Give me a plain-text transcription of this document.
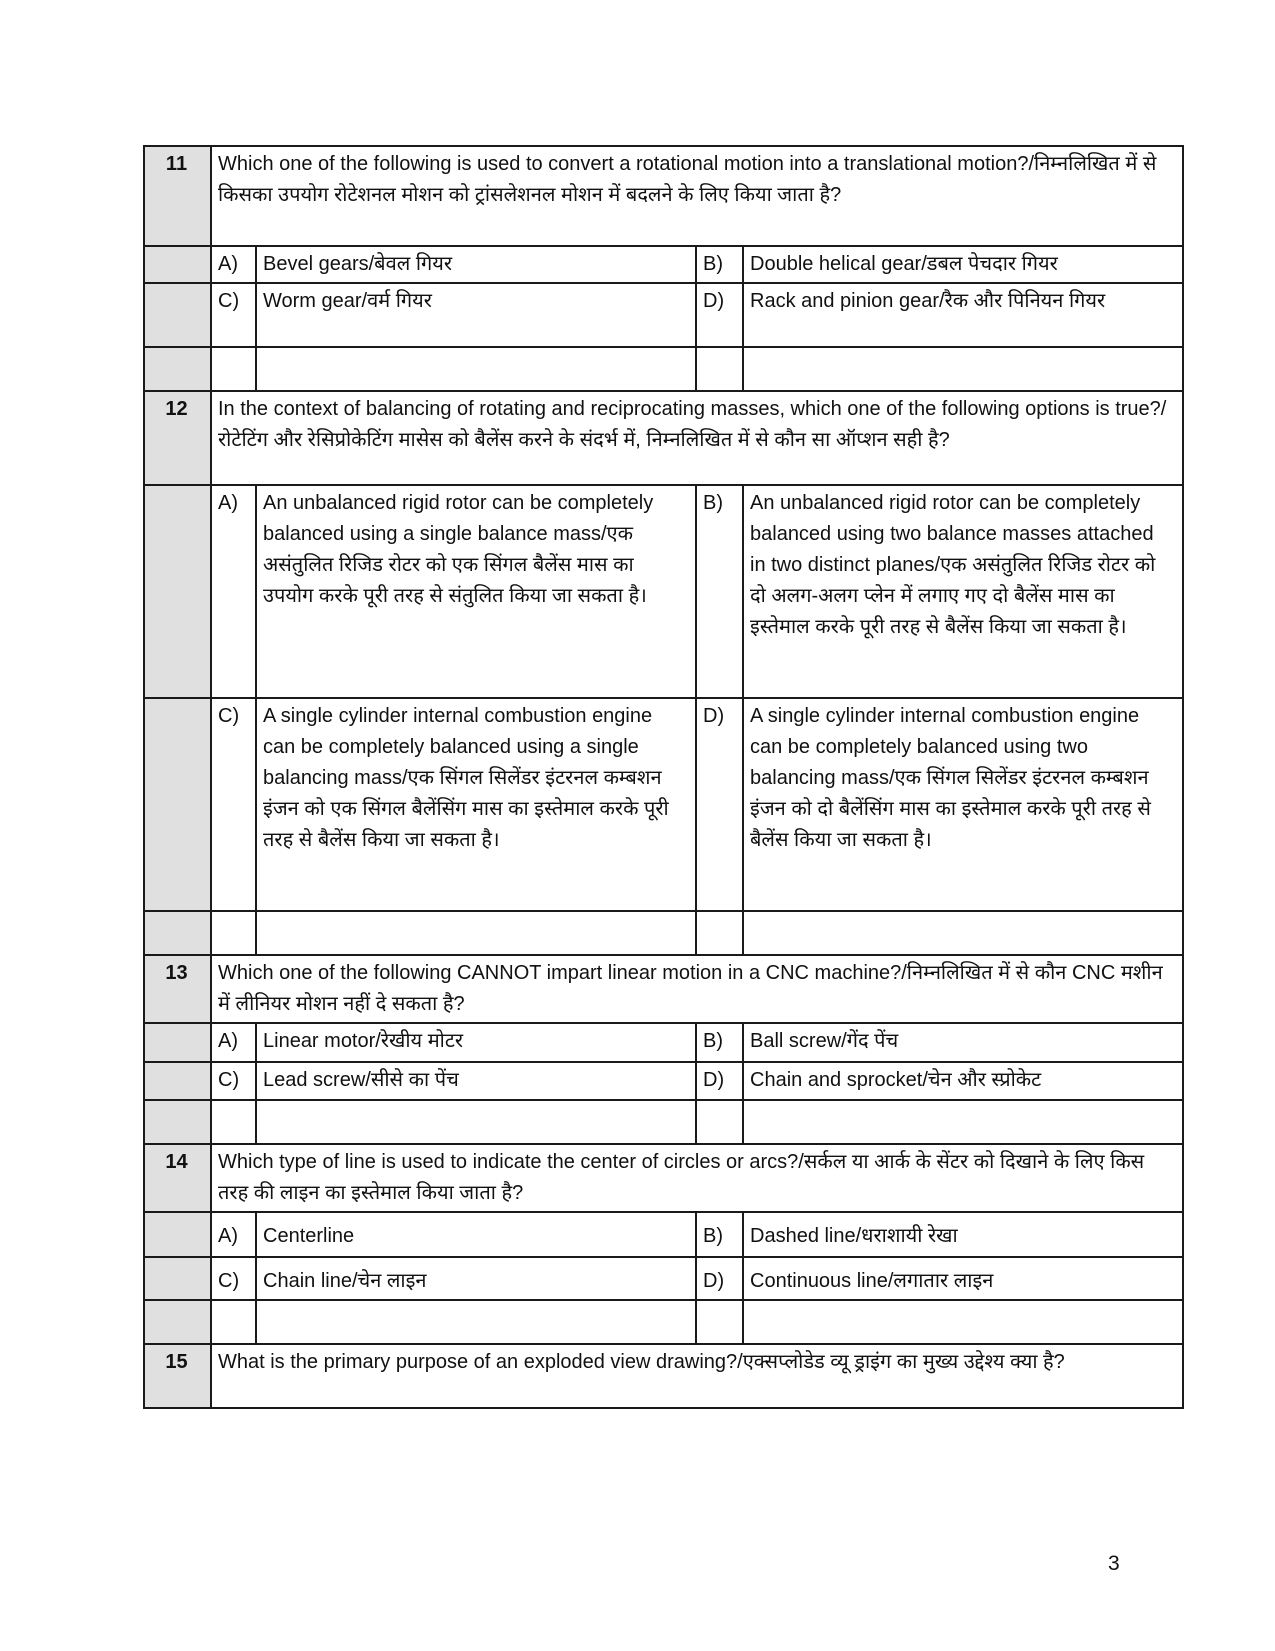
11	Which one of the following is used to convert a rotational motion into a translational motion?/निम्नलिखित में से किसका उपयोग रोटेशनल मोशन को ट्रांसलेशनल मोशन में बदलने के लिए किया जाता है?			
	A)	Bevel gears/बेवल गियर	B)	Double helical gear/डबल पेचदार गियर
	C)	Worm gear/वर्म गियर	D)	Rack and pinion gear/रैक और पिनियन गियर

12	In the context of balancing of rotating and reciprocating masses, which one of the following options is true?/रोटेटिंग और रेसिप्रोकेटिंग मासेस को बैलेंस करने के संदर्भ में, निम्नलिखित में से कौन सा ऑप्शन सही है?			
	A)	An unbalanced rigid rotor can be completely balanced using a single balance mass/एक असंतुलित रिजिड रोटर को एक सिंगल बैलेंस मास का उपयोग करके पूरी तरह से संतुलित किया जा सकता है।	B)	An unbalanced rigid rotor can be completely balanced using two balance masses attached in two distinct planes/एक असंतुलित रिजिड रोटर को दो अलग-अलग प्लेन में लगाए गए दो बैलेंस मास का इस्तेमाल करके पूरी तरह से बैलेंस किया जा सकता है।
	C)	A single cylinder internal combustion engine can be completely balanced using a single balancing mass/एक सिंगल सिलेंडर इंटरनल कम्बशन इंजन को एक सिंगल बैलेंसिंग मास का इस्तेमाल करके पूरी तरह से बैलेंस किया जा सकता है।	D)	A single cylinder internal combustion engine can be completely balanced using two balancing mass/एक सिंगल सिलेंडर इंटरनल कम्बशन इंजन को दो बैलेंसिंग मास का इस्तेमाल करके पूरी तरह से बैलेंस किया जा सकता है।

13	Which one of the following CANNOT impart linear motion in a CNC machine?/निम्नलिखित में से कौन CNC मशीन में लीनियर मोशन नहीं दे सकता है?			
	A)	Linear motor/रेखीय मोटर	B)	Ball screw/गेंद पेंच
	C)	Lead screw/सीसे का पेंच	D)	Chain and sprocket/चेन और स्प्रोकेट

14	Which type of line is used to indicate the center of circles or arcs?/सर्कल या आर्क के सेंटर को दिखाने के लिए किस तरह की लाइन का इस्तेमाल किया जाता है?			
	A)	Centerline	B)	Dashed line/धराशायी रेखा
	C)	Chain line/चेन लाइन	D)	Continuous line/लगातार लाइन

15	What is the primary purpose of an exploded view drawing?/एक्सप्लोडेड व्यू ड्राइंग का मुख्य उद्देश्य क्या है?			
3
